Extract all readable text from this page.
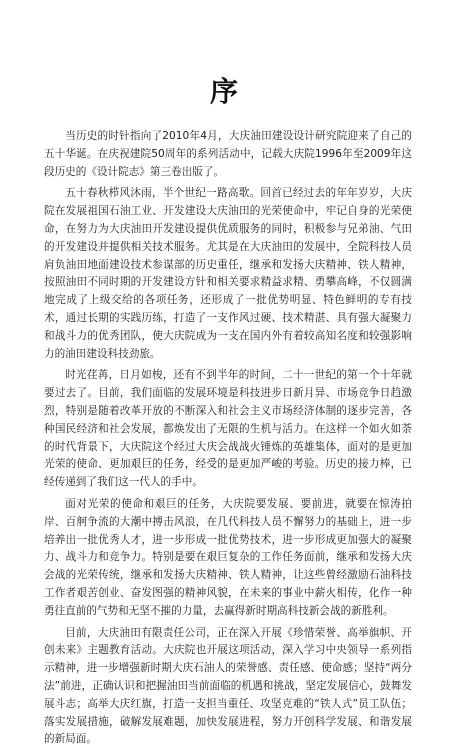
序

当历史的时针指向了2010年4月，大庆油田建设设计研究院迎来了自己的五十华诞。在庆祝建院50周年的系列活动中，记载大庆院1996年至2009年这段历史的《设计院志》第三卷出版了。

五十春秋栉风沐雨，半个世纪一路高歌。回首已经过去的年年岁岁，大庆院在发展祖国石油工业、开发建设大庆油田的光荣使命中，牢记自身的光荣使命，在努力为大庆油田开发建设提供优质服务的同时，积极参与兄弟油、气田的开发建设并提供相关技术服务。尤其是在大庆油田的发展中，全院科技人员肩负油田地面建设技术参谋部的历史重任，继承和发扬大庆精神、铁人精神，按照油田不同时期的开发建设方针和相关要求精益求精、勇攀高峰，不仅圆满地完成了上级交给的各项任务，还形成了一批优势明显、特色鲜明的专有技术，通过长期的实践历练，打造了一支作风过硬、技术精湛、具有强大凝聚力和战斗力的优秀团队，使大庆院成为一支在国内外有着较高知名度和较强影响力的油田建设科技劲旅。

时光荏苒，日月如梭，还有不到半年的时间，二十一世纪的第一个十年就要过去了。目前，我们面临的发展环境是科技进步日新月异、市场竞争日趋激烈，特别是随着改革开放的不断深入和社会主义市场经济体制的逐步完善，各种国民经济和社会发展，都焕发出了无限的生机与活力。在这样一个如火如荼的时代背景下，大庆院这个经过大庆会战战火锤炼的英雄集体，面对的是更加光荣的使命、更加艰巨的任务，经受的是更加严峻的考验。历史的接力棒，已经传递到了我们这一代人的手中。

面对光荣的使命和艰巨的任务，大庆院要发展、要前进，就要在惊涛拍岸、百舸争流的大潮中搏击风浪，在几代科技人员不懈努力的基础上，进一步培养出一批优秀人才，进一步形成一批优势技术，进一步形成更加强大的凝聚力、战斗力和竞争力。特别是要在艰巨复杂的工作任务面前，继承和发扬大庆会战的光荣传统，继承和发扬大庆精神、铁人精神，让这些曾经激励石油科技工作者艰苦创业、奋发图强的精神风貌，在未来的事业中薪火相传，化作一种勇往直前的气势和无坚不摧的力量，去赢得新时期高科技新会战的新胜利。

目前，大庆油田有限责任公司，正在深入开展《珍惜荣誉、高举旗帜、开创未来》主题教育活动。大庆院也开展这项活动，深入学习中央领导一系列指示精神，进一步增强新时期大庆石油人的荣誉感、责任感、使命感；坚持“两分法”前进，正确认识和把握油田当前面临的机遇和挑战，坚定发展信心，鼓舞发展斗志；高举大庆红旗，打造一支担当重任、攻坚克难的“铁人式”员工队伍；落实发展措施，破解发展难题，加快发展进程，努力开创科学发展、和谐发展的新局面。
